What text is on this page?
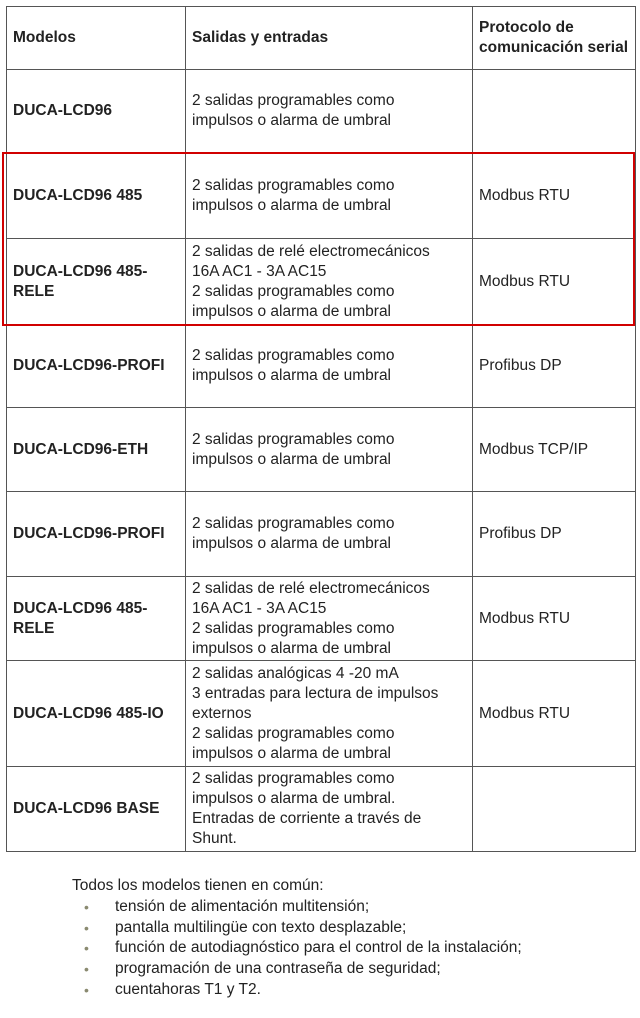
Modelos	Salidas y entradas	Protocolo de comunicación serial
DUCA-LCD96	2 salidas programables como
impulsos o alarma de umbral	

DUCA-LCD96 485	2 salidas programables como
impulsos o alarma de umbral	Modbus RTU
DUCA-LCD96 485-RELE	2 salidas de relé electromecánicos
16A AC1 - 3A AC15
2 salidas programables como
impulsos o alarma de umbral	Modbus RTU
DUCA-LCD96-PROFI	2 salidas programables como
impulsos o alarma de umbral	Profibus DP
DUCA-LCD96-ETH	2 salidas programables como
impulsos o alarma de umbral	Modbus TCP/IP
DUCA-LCD96-PROFI	2 salidas programables como
impulsos o alarma de umbral	Profibus DP
DUCA-LCD96 485-RELE	2 salidas de relé electromecánicos
16A AC1 - 3A AC15
2 salidas programables como
impulsos o alarma de umbral	Modbus RTU
DUCA-LCD96 485-IO	2 salidas analógicas 4 -20 mA
3 entradas para lectura de impulsos externos
2 salidas programables como
impulsos o alarma de umbral	Modbus RTU
DUCA-LCD96 BASE	2 salidas programables como
impulsos o alarma de umbral.
Entradas de corriente a través de
Shunt.	

Todos los modelos tienen en común:
• tensión de alimentación multitensión;
• pantalla multilingüe con texto desplazable;
• función de autodiagnóstico para el control de la instalación;
• programación de una contraseña de seguridad;
• cuentahoras T1 y T2.
